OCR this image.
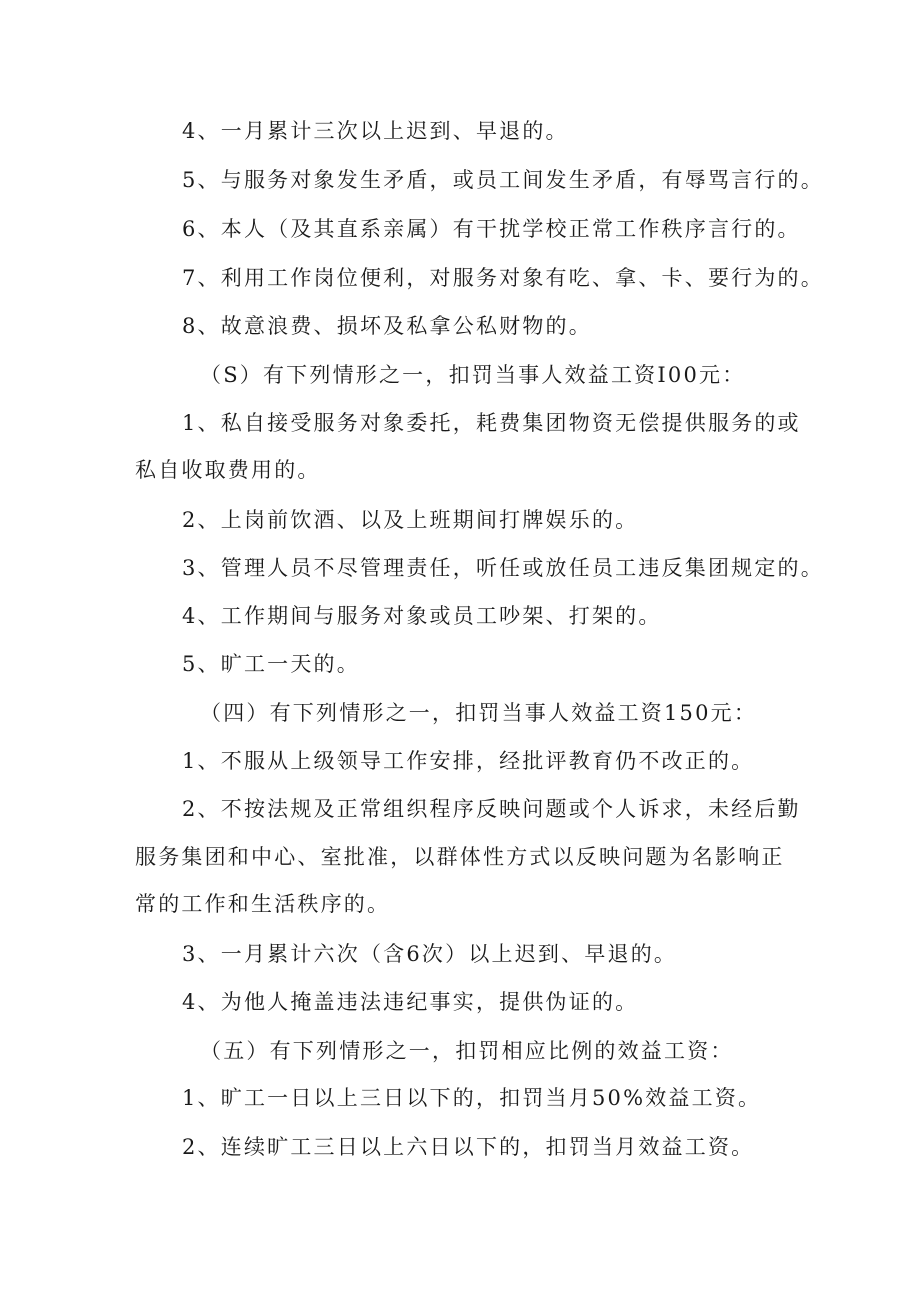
4、一月累计三次以上迟到、早退的。
5、与服务对象发生矛盾，或员工间发生矛盾，有辱骂言行的。
6、本人（及其直系亲属）有干扰学校正常工作秩序言行的。
7、利用工作岗位便利，对服务对象有吃、拿、卡、要行为的。
8、故意浪费、损坏及私拿公私财物的。
（S）有下列情形之一，扣罚当事人效益工资I00元：
1、私自接受服务对象委托，耗费集团物资无偿提供服务的或
私自收取费用的。
2、上岗前饮酒、以及上班期间打牌娱乐的。
3、管理人员不尽管理责任，听任或放任员工违反集团规定的。
4、工作期间与服务对象或员工吵架、打架的。
5、旷工一天的。
（四）有下列情形之一，扣罚当事人效益工资150元：
1、不服从上级领导工作安排，经批评教育仍不改正的。
2、不按法规及正常组织程序反映问题或个人诉求，未经后勤
服务集团和中心、室批准，以群体性方式以反映问题为名影响正
常的工作和生活秩序的。
3、一月累计六次（含6次）以上迟到、早退的。
4、为他人掩盖违法违纪事实，提供伪证的。
（五）有下列情形之一，扣罚相应比例的效益工资：
1、旷工一日以上三日以下的，扣罚当月50%效益工资。
2、连续旷工三日以上六日以下的，扣罚当月效益工资。
